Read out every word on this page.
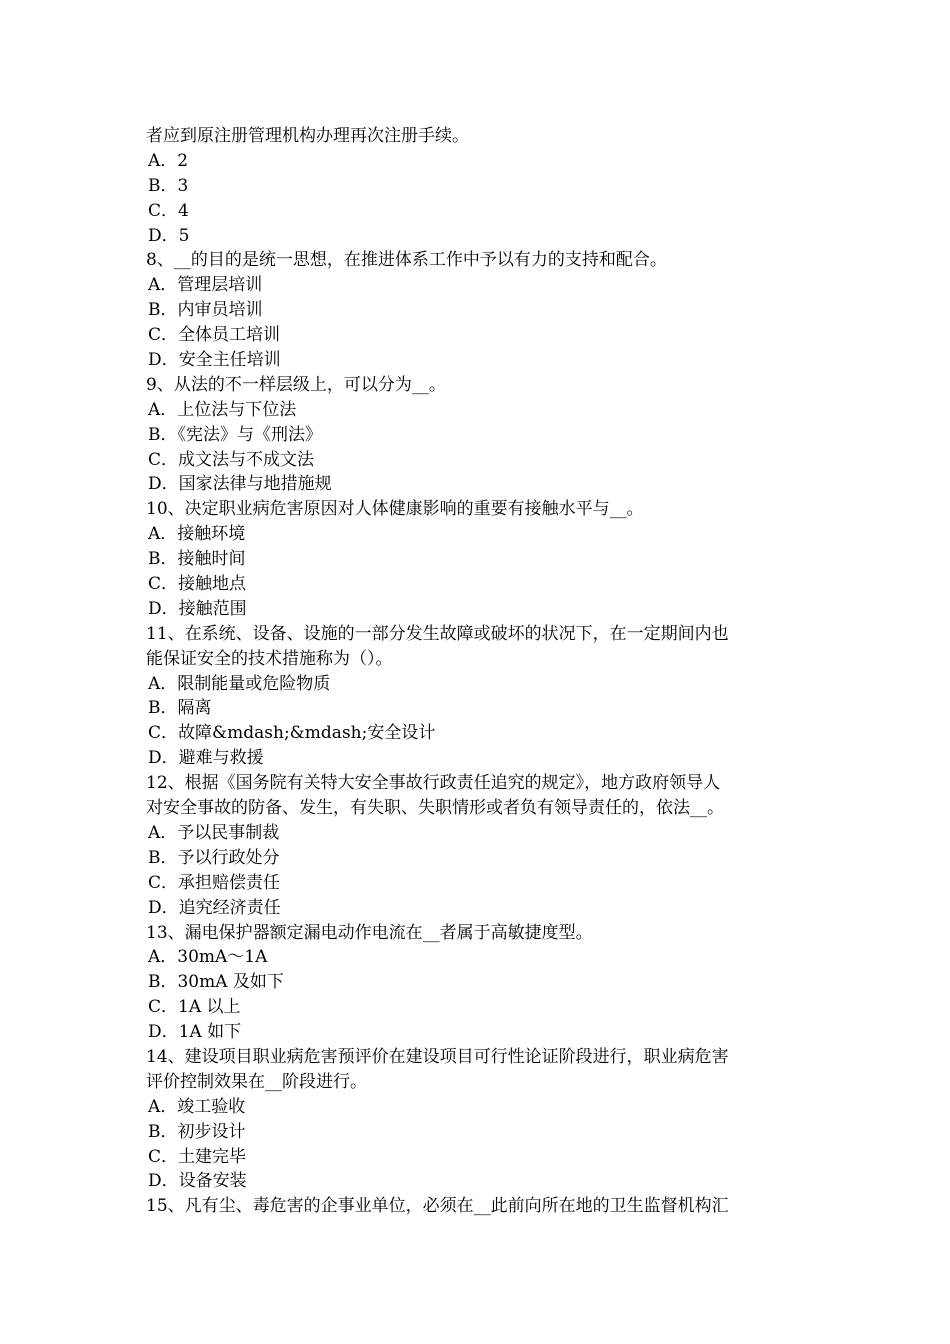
者应到原注册管理机构办理再次注册手续。
A．2
B．3
C．4
D．5
8、__的目的是统一思想，在推进体系工作中予以有力的支持和配合。
A．管理层培训
B．内审员培训
C．全体员工培训
D．安全主任培训
9、从法的不一样层级上，可以分为__。
A．上位法与下位法
B．《宪法》与《刑法》
C．成文法与不成文法
D．国家法律与地措施规
10、决定职业病危害原因对人体健康影响的重要有接触水平与__。
A．接触环境
B．接触时间
C．接触地点
D．接触范围
11、在系统、设备、设施的一部分发生故障或破坏的状况下，在一定期间内也
能保证安全的技术措施称为（）。
A．限制能量或危险物质
B．隔离
C．故障&mdash;&mdash;安全设计
D．避难与救援
12、根据《国务院有关特大安全事故行政责任追究的规定》，地方政府领导人
对安全事故的防备、发生，有失职、失职情形或者负有领导责任的，依法__。
A．予以民事制裁
B．予以行政处分
C．承担赔偿责任
D．追究经济责任
13、漏电保护器额定漏电动作电流在__者属于高敏捷度型。
A．30mA～1A
B．30mA 及如下
C．1A 以上
D．1A 如下
14、建设项目职业病危害预评价在建设项目可行性论证阶段进行，职业病危害
评价控制效果在__阶段进行。
A．竣工验收
B．初步设计
C．土建完毕
D．设备安装
15、凡有尘、毒危害的企事业单位，必须在__此前向所在地的卫生监督机构汇
